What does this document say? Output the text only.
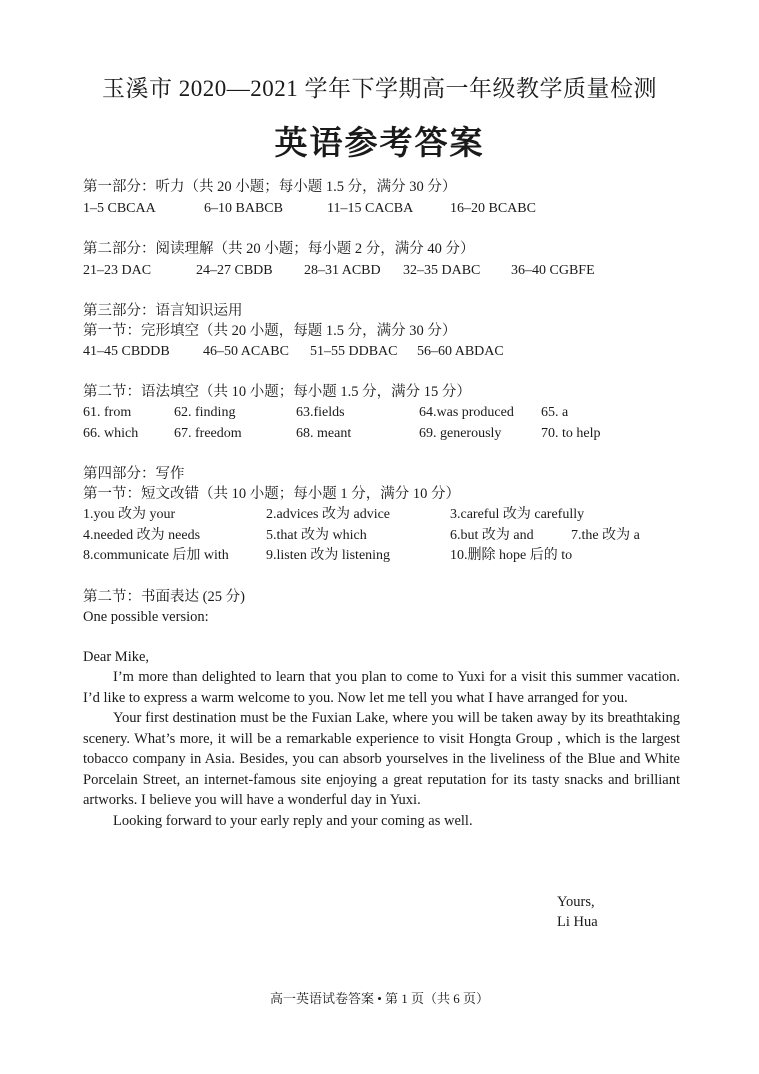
玉溪市 2020—2021 学年下学期高一年级教学质量检测
英语参考答案
第一部分：听力（共 20 小题；每小题 1.5 分，满分 30 分）
1–5 CBCAA	6–10 BABCB	11–15 CACBA	16–20 BCABC
第二部分：阅读理解（共 20 小题；每小题 2 分，满分 40 分）
21–23 DAC	24–27 CBDB 28–31 ACBD 32–35 DABC 36–40 CGBFE
第三部分：语言知识运用
第一节：完形填空（共 20 小题，每题 1.5 分，满分 30 分）
41–45 CBDDB 46–50 ACABC 51–55 DDBAC 56–60 ABDAC
第二节：语法填空（共 10 小题；每小题 1.5 分，满分 15 分）
61. from	62. finding	63.fields	64.was produced 65. a
66. which	67. freedom	68. meant	69. generously	70. to help
第四部分：写作
第一节：短文改错（共 10 小题；每小题 1 分，满分 10 分）
1.you 改为 your	2.advices 改为 advice	3.careful 改为 carefully
4.needed 改为 needs	5.that 改为 which	6.but 改为 and	7.the 改为 a
8.communicate 后加 with	9.listen 改为 listening	10.删除 hope 后的 to
第二节：书面表达 (25 分)
One possible version:
Dear Mike,

I’m more than delighted to learn that you plan to come to Yuxi for a visit this summer vacation. I’d like to express a warm welcome to you. Now let me tell you what I have arranged for you.

Your first destination must be the Fuxian Lake, where you will be taken away by its breathtaking scenery. What’s more, it will be a remarkable experience to visit Hongta Group , which is the largest tobacco company in Asia. Besides, you can absorb yourselves in the liveliness of the Blue and White Porcelain Street, an internet-famous site enjoying a great reputation for its tasty snacks and brilliant artworks. I believe you will have a wonderful day in Yuxi.

Looking forward to your early reply and your coming as well.

Yours,
Li Hua
高一英语试卷答案 • 第 1 页（共 6 页）
